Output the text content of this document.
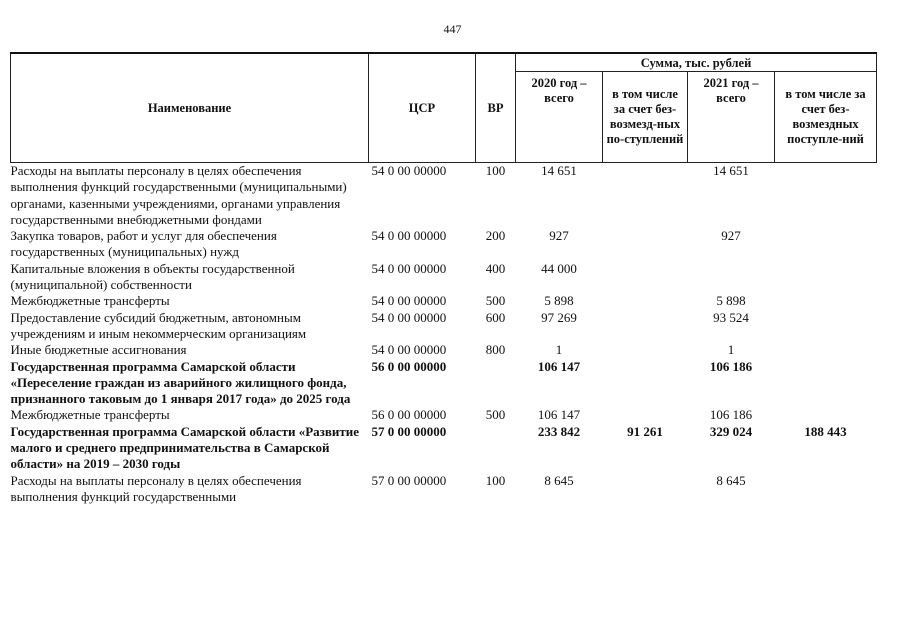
447
Наименование	ЦСР	ВР	Сумма, тыс. рублей			
			2020 год – всего	в том числе за счет без-возмезд-ных по-ступлений	2021 год – всего	в том числе за счет без-возмездных поступле-ний
Расходы на выплаты персоналу в целях обеспечения выполнения функций государственными (муниципальными) органами, казенными учреждениями, органами управления государственными внебюджетными фондами	54 0 00 00000	100	14 651		14 651	
Закупка товаров, работ и услуг для обеспечения государственных (муниципальных) нужд	54 0 00 00000	200	927		927	
Капитальные вложения в объекты государственной (муниципальной) собственности	54 0 00 00000	400	44 000			
Межбюджетные трансферты	54 0 00 00000	500	5 898		5 898	
Предоставление субсидий бюджетным, автономным учреждениям и иным некоммерческим организациям	54 0 00 00000	600	97 269		93 524	
Иные бюджетные ассигнования	54 0 00 00000	800	1		1	
Государственная программа Самарской области «Переселение граждан из аварийного жилищного фонда, признанного таковым до 1 января 2017 года» до 2025 года	56 0 00 00000		106 147		106 186	
Межбюджетные трансферты	56 0 00 00000	500	106 147		106 186	
Государственная программа Самарской области «Развитие малого и среднего предпринимательства в Самарской области» на 2019 – 2030 годы	57 0 00 00000		233 842	91 261	329 024	188 443
Расходы на выплаты персоналу в целях обеспечения выполнения функций государственными	57 0 00 00000	100	8 645		8 645	
